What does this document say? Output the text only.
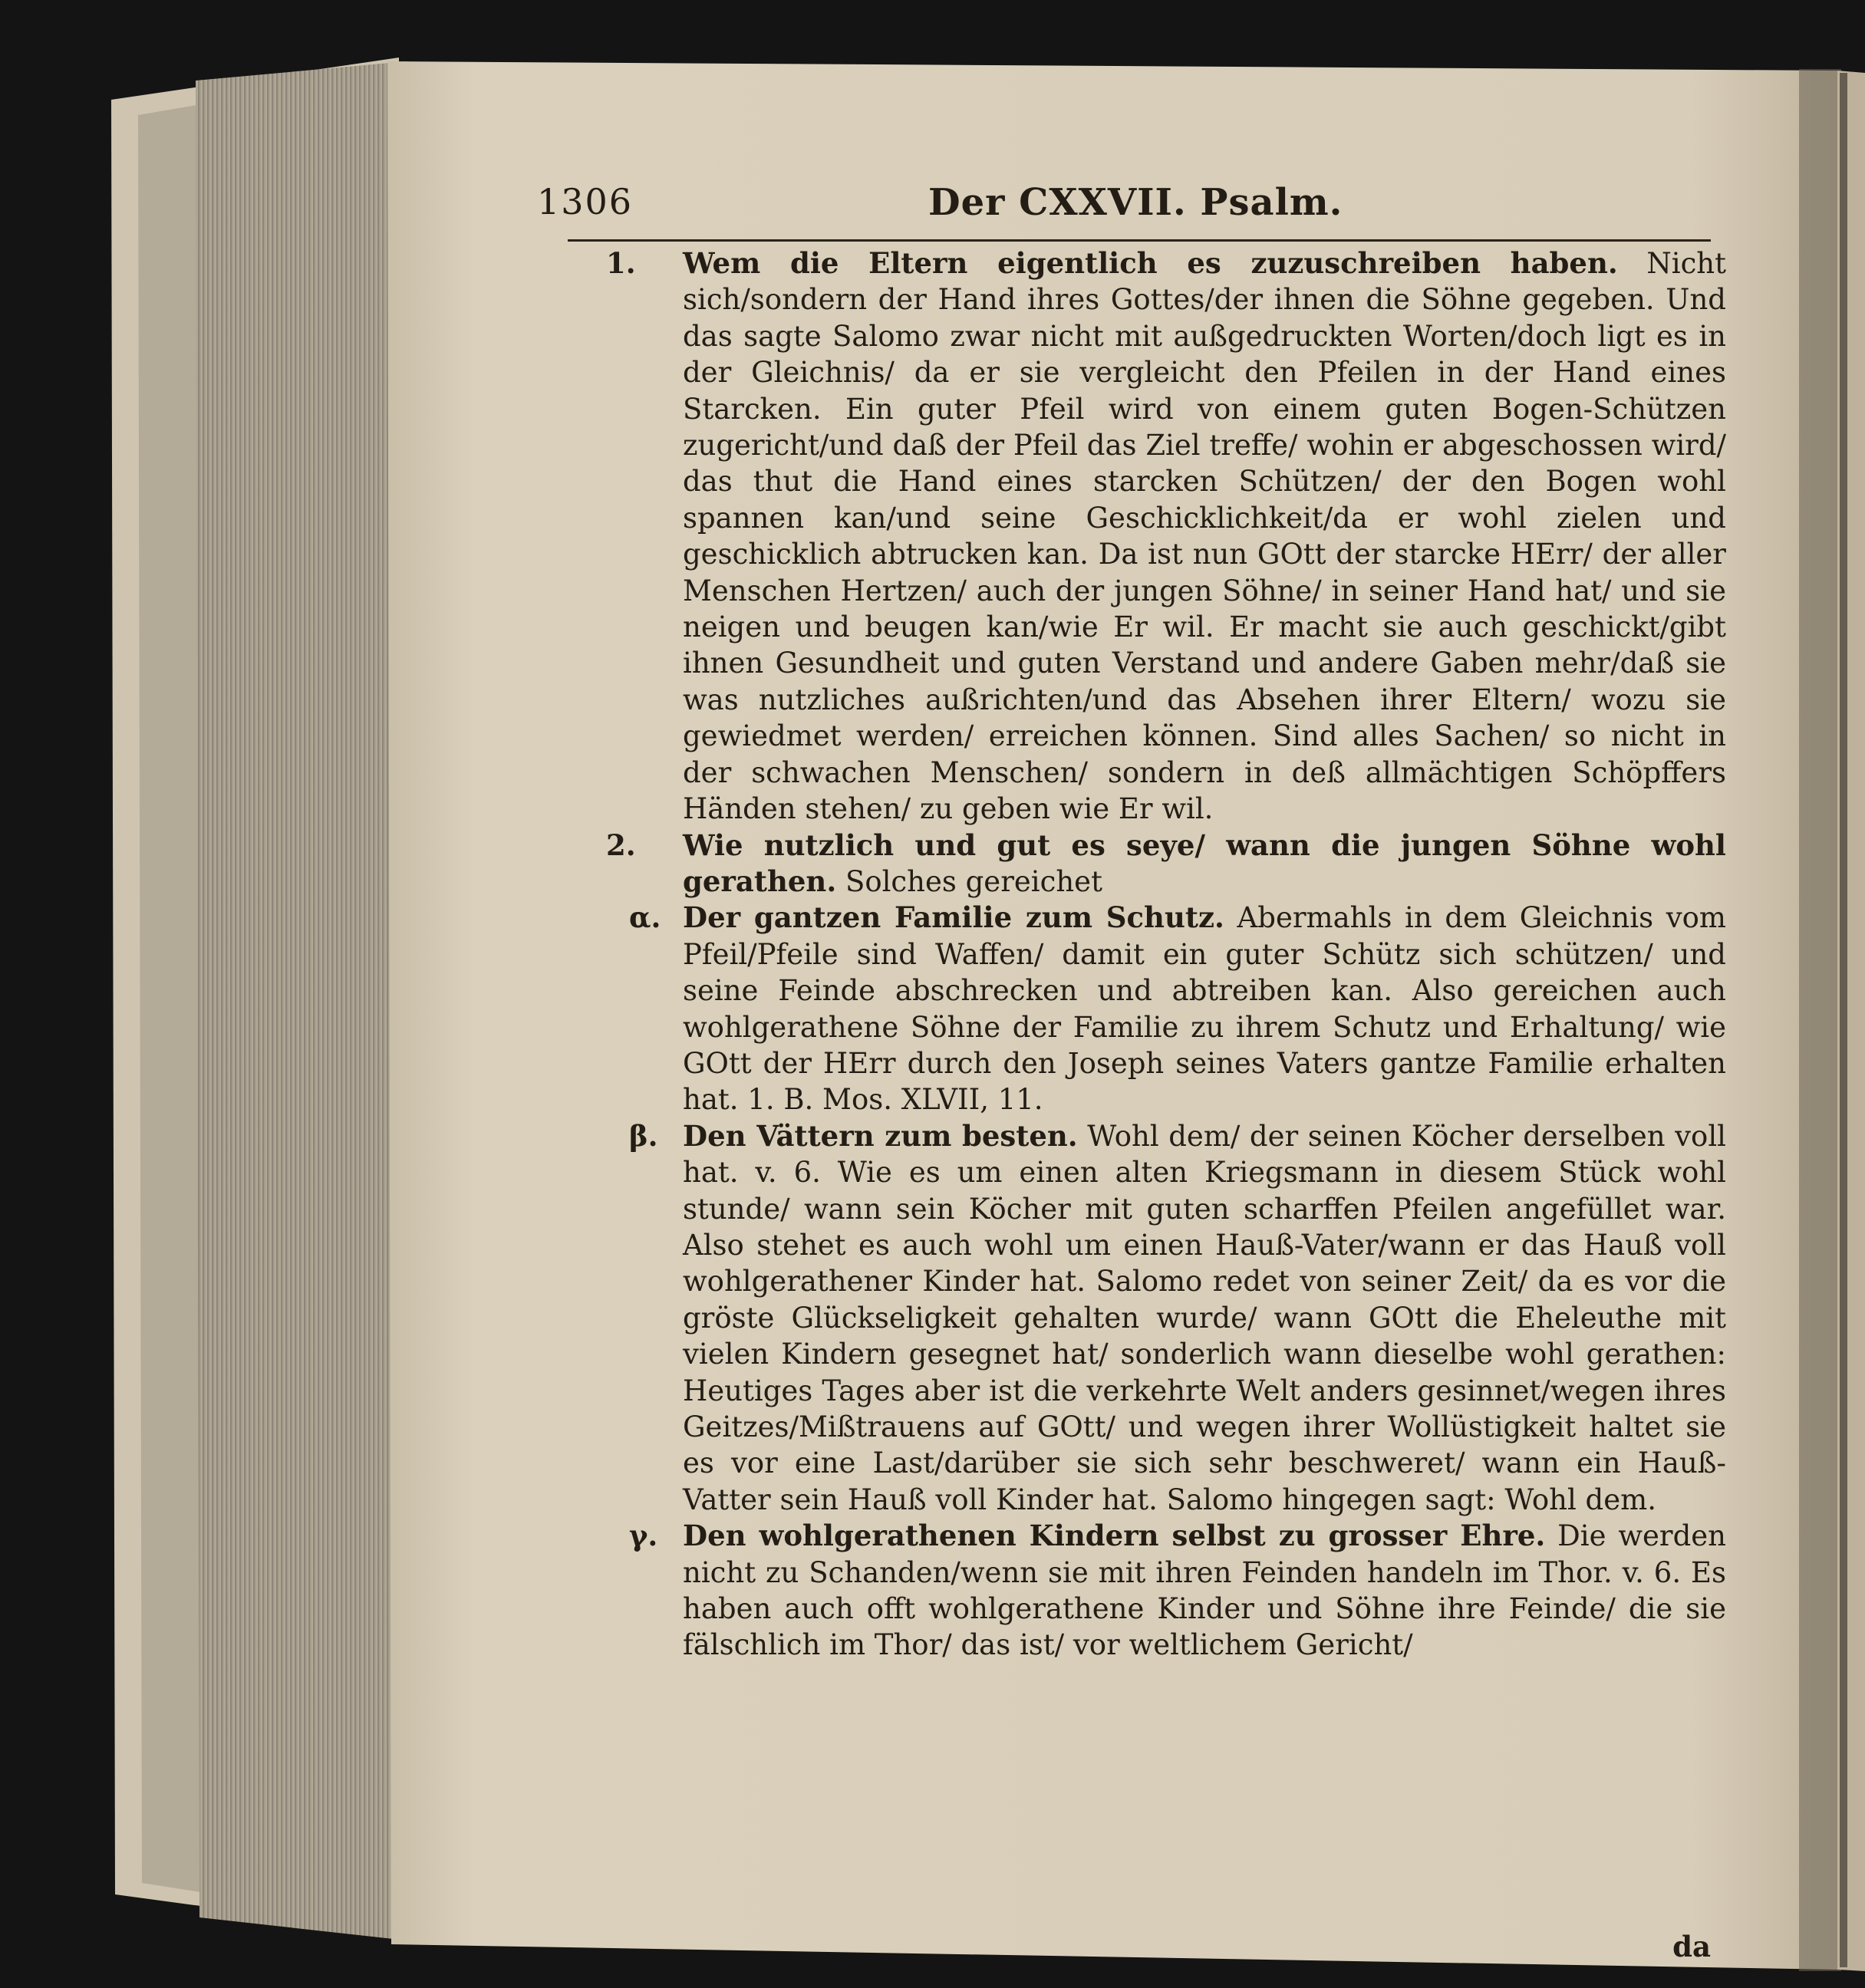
1306	Der CXXVII. Psalm.
1. Wem die Eltern eigentlich es zuzuschreiben haben. Nicht sich/sondern der Hand ihres Gottes/der ihnen die Söhne gegeben. Und das sagte Salomo zwar nicht mit außgedruckten Worten/doch ligt es in der Gleichnis/ da er sie vergleicht den Pfeilen in der Hand eines Starcken. Ein guter Pfeil wird von einem guten Bogen-Schützen zugericht/und daß der Pfeil das Ziel treffe/ wohin er abgeschossen wird/ das thut die Hand eines starcken Schützen/ der den Bogen wohl spannen kan/und seine Geschicklichkeit/da er wohl zielen und geschicklich abtrucken kan. Da ist nun GOtt der starcke HErr/ der aller Menschen Hertzen/ auch der jungen Söhne/ in seiner Hand hat/ und sie neigen und beugen kan/wie Er wil. Er macht sie auch geschickt/gibt ihnen Gesundheit und guten Verstand und andere Gaben mehr/daß sie was nutzliches außrichten/und das Absehen ihrer Eltern/ wozu sie gewiedmet werden/ erreichen können. Sind alles Sachen/ so nicht in der schwachen Menschen/ sondern in deß allmächtigen Schöpffers Händen stehen/ zu geben wie Er wil.
2. Wie nutzlich und gut es seye/ wann die jungen Söhne wohl gerathen. Solches gereichet
α. Der gantzen Familie zum Schutz. Abermahls in dem Gleichnis vom Pfeil/Pfeile sind Waffen/ damit ein guter Schütz sich schützen/ und seine Feinde abschrecken und abtreiben kan. Also gereichen auch wohlgerathene Söhne der Familie zu ihrem Schutz und Erhaltung/ wie GOtt der HErr durch den Joseph seines Vaters gantze Familie erhalten hat. 1. B. Mos. XLVII, 11.
β. Den Vättern zum besten. Wohl dem/ der seinen Köcher derselben voll hat. v. 6. Wie es um einen alten Kriegsmann in diesem Stück wohl stunde/ wann sein Köcher mit guten scharffen Pfeilen angefüllet war. Also stehet es auch wohl um einen Hauß-Vater/wann er das Hauß voll wohlgerathener Kinder hat. Salomo redet von seiner Zeit/ da es vor die gröste Glückseligkeit gehalten wurde/ wann GOtt die Eheleuthe mit vielen Kindern gesegnet hat/ sonderlich wann dieselbe wohl gerathen: Heutiges Tages aber ist die verkehrte Welt anders gesinnet/wegen ihres Geitzes/Mißtrauens auf GOtt/ und wegen ihrer Wollüstigkeit haltet sie es vor eine Last/darüber sie sich sehr beschweret/ wann ein Hauß-Vatter sein Hauß voll Kinder hat. Salomo hingegen sagt: Wohl dem.
γ. Den wohlgerathenen Kindern selbst zu grosser Ehre. Die werden nicht zu Schanden/wenn sie mit ihren Feinden handeln im Thor. v. 6. Es haben auch offt wohlgerathene Kinder und Söhne ihre Feinde/ die sie fälschlich im Thor/ das ist/ vor weltlichem Gericht/
da
